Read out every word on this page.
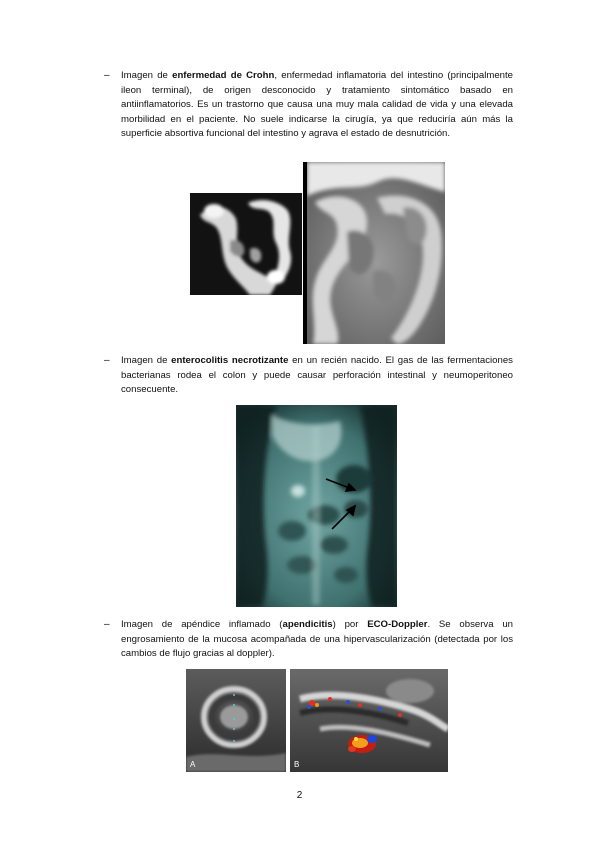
– Imagen de enfermedad de Crohn, enfermedad inflamatoria del intestino (principalmente ileon terminal), de origen desconocido y tratamiento sintomático basado en antiinflamatorios. Es un trastorno que causa una muy mala calidad de vida y una elevada morbilidad en el paciente. No suele indicarse la cirugía, ya que reduciría aún más la superficie absortiva funcional del intestino y agrava el estado de desnutrición.

– Imagen de enterocolitis necrotizante en un recién nacido. El gas de las fermentaciones bacterianas rodea el colon y puede causar perforación intestinal y neumoperitoneo consecuente.

– Imagen de apéndice inflamado (apendicitis) por ECO-Doppler. Se observa un engrosamiento de la mucosa acompañada de una hipervascularización (detectada por los cambios de flujo gracias al doppler).

A	B
2
